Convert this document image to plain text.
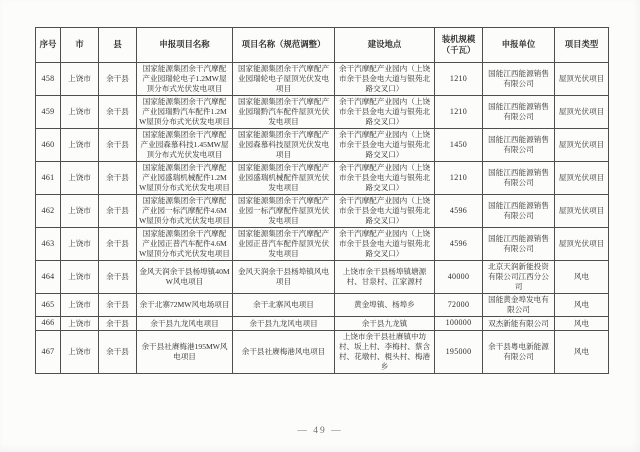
序号	市	县	申报项目名称	项目名称（规范调整）	建设地点	装机规模（千瓦）	申报单位	项目类型
458	上饶市	余干县	国家能源集团余干汽摩配产业园瑞轮电子1.2MW屋顶分布式光伏发电项目	国家能源集团余干汽摩配产业园瑞轮电子屋顶光伏发电项目	余干汽摩配产业园内（上饶市余干县金电大道与银苑北路交叉口）	1210	国能江西能源销售有限公司	屋顶光伏项目
459	上饶市	余干县	国家能源集团余干汽摩配产业园瑞黔汽车配件1.2MW屋顶分布式光伏发电项目	国家能源集团余干汽摩配产业园瑞黔汽车配件屋顶光伏发电项目	余干汽摩配产业园内（上饶市余干县金电大道与银苑北路交叉口）	1210	国能江西能源销售有限公司	屋顶光伏项目
460	上饶市	余干县	国家能源集团余干汽摩配产业园森慕科技1.45MW屋顶分布式光伏发电项目	国家能源集团余干汽摩配产业园森慕科技屋顶光伏发电项目	余干汽摩配产业园内（上饶市余干县金电大道与银苑北路交叉口）	1450	国能江西能源销售有限公司	屋顶光伏项目
461	上饶市	余干县	国家能源集团余干汽摩配产业园盛瑞机械配件1.2MW屋顶分布式光伏发电项目	国家能源集团余干汽摩配产业园盛瑞机械配件屋顶光伏发电项目	余干汽摩配产业园内（上饶市余干县金电大道与银苑北路交叉口）	1210	国能江西能源销售有限公司	屋顶光伏项目
462	上饶市	余干县	国家能源集团余干汽摩配产业园一标汽摩配件4.6MW屋顶分布式光伏发电项目	国家能源集团余干汽摩配产业园一标汽摩配件屋顶光伏发电项目	余干汽摩配产业园内（上饶市余干县金电大道与银苑北路交叉口）	4596	国能江西能源销售有限公司	屋顶光伏项目
463	上饶市	余干县	国家能源集团余干汽摩配产业园正普汽车配件4.6MW屋顶分布式光伏发电项目	国家能源集团余干汽摩配产业园正普汽车配件屋顶光伏发电项目	余干汽摩配产业园内（上饶市余干县金电大道与银苑北路交叉口）	4596	国能江西能源销售有限公司	屋顶光伏项目
464	上饶市	余干县	金风天润余干县杨埠镇40MW风电项目	金风天润余干县杨埠镇风电项目	上饶市余干县杨埠镇塘源村、甘泉村、江家源村	40000	北京天润新能投资有限公司江西分公司	风电
465	上饶市	余干县	余干北寨72MW风电场项目	余干北寨风电项目	黄金埠镇、杨埠乡	72000	国能黄金埠发电有限公司	风电
466	上饶市	余干县	余干县九龙风电项目	余干县九龙风电项目	余干县九龙镇	100000	双杰新能有限公司	风电
467	上饶市	余干县	余干县社赓梅港195MW风电项目	余干县社赓梅港风电项目	上饶市余干县社赓镇中坊村、坂上村、李梅村、蔡含村、花墩村、梘头村、梅港乡	195000	余干县粤电新能源有限公司	风电
— 49 —
